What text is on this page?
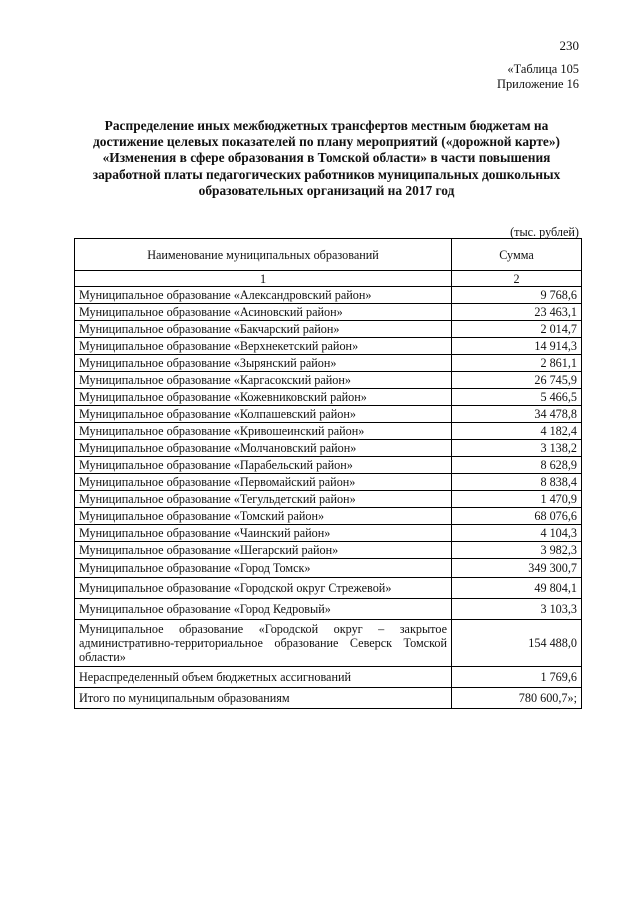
230
«Таблица 105
Приложение 16
Распределение иных межбюджетных трансфертов местным бюджетам на достижение целевых показателей по плану мероприятий («дорожной карте») «Изменения в сфере образования в Томской области» в части повышения заработной платы педагогических работников муниципальных дошкольных образовательных организаций на 2017 год
(тыс. рублей)
Наименование муниципальных образований	Сумма
1	2
Муниципальное образование «Александровский район»	9 768,6
Муниципальное образование «Асиновский район»	23 463,1
Муниципальное образование «Бакчарский район»	2 014,7
Муниципальное образование «Верхнекетский район»	14 914,3
Муниципальное образование «Зырянский район»	2 861,1
Муниципальное образование «Каргасокский район»	26 745,9
Муниципальное образование «Кожевниковский район»	5 466,5
Муниципальное образование «Колпашевский район»	34 478,8
Муниципальное образование «Кривошеинский район»	4 182,4
Муниципальное образование «Молчановский район»	3 138,2
Муниципальное образование «Парабельский район»	8 628,9
Муниципальное образование «Первомайский район»	8 838,4
Муниципальное образование «Тегульдетский район»	1 470,9
Муниципальное образование «Томский район»	68 076,6
Муниципальное образование «Чаинский район»	4 104,3
Муниципальное образование «Шегарский район»	3 982,3
Муниципальное образование «Город Томск»	349 300,7
Муниципальное образование «Городской округ Стрежевой»	49 804,1
Муниципальное образование «Город Кедровый»	3 103,3
Муниципальное образование «Городской округ – закрытое административно-территориальное образование Северск Томской области»	154 488,0
Нераспределенный объем бюджетных ассигнований	1 769,6
Итого по муниципальным образованиям	780 600,7»;
